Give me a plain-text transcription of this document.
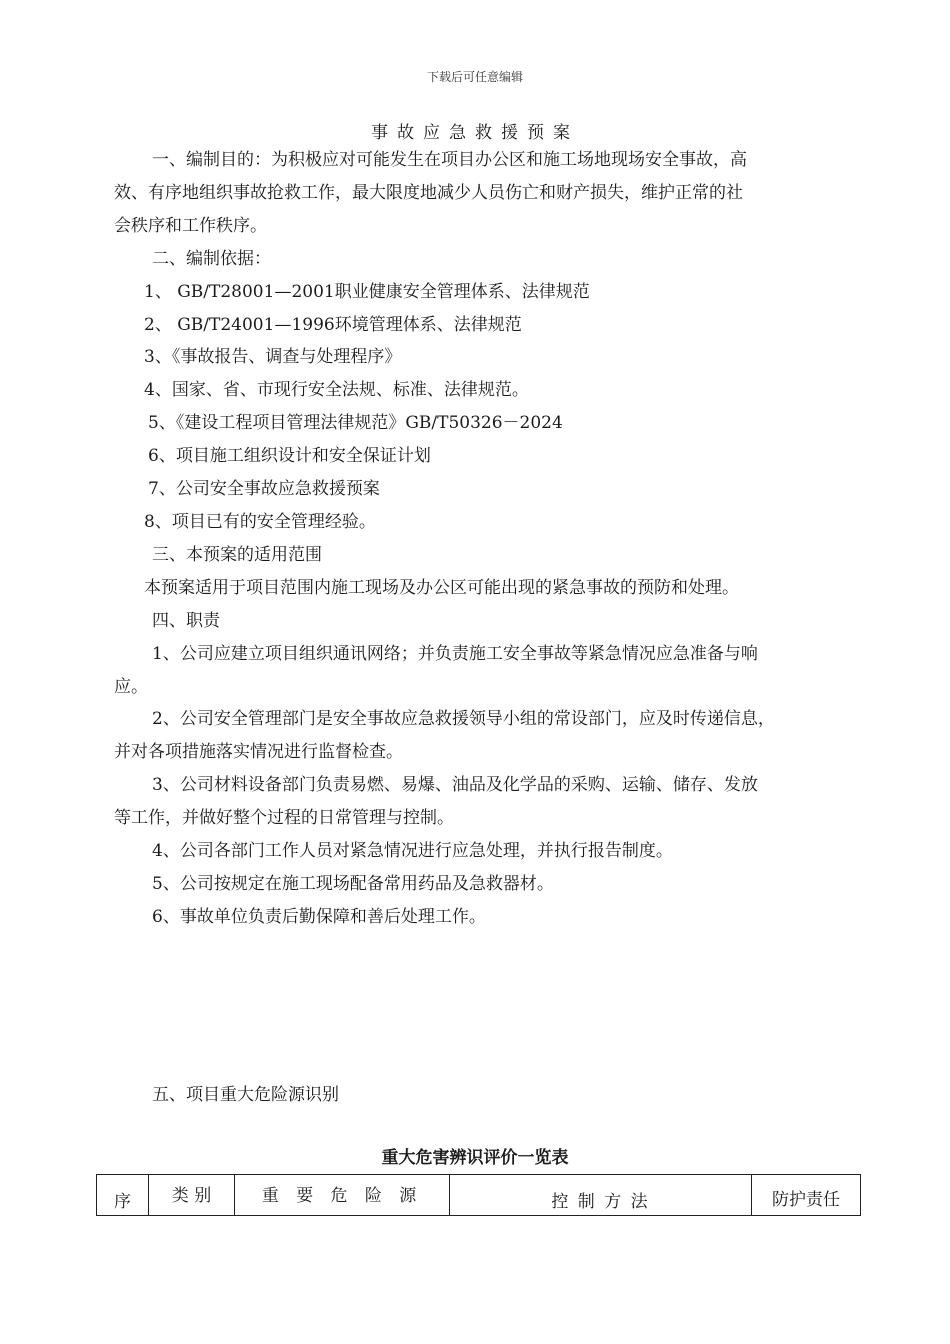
下载后可任意编辑
事故应急救援预案
一、编制目的：为积极应对可能发生在项目办公区和施工场地现场安全事故，高
效、有序地组织事故抢救工作，最大限度地减少人员伤亡和财产损失，维护正常的社
会秩序和工作秩序。
二、编制依据：
1、 GB/T28001—2001职业健康安全管理体系、法律规范
2、 GB/T24001—1996环境管理体系、法律规范
3、《事故报告、调查与处理程序》
4、国家、省、市现行安全法规、标准、法律规范。
5、《建设工程项目管理法律规范》GB/T50326－2024
6、项目施工组织设计和安全保证计划
7、公司安全事故应急救援预案
8、项目已有的安全管理经验。
三、本预案的适用范围
本预案适用于项目范围内施工现场及办公区可能出现的紧急事故的预防和处理。
四、职责
1、公司应建立项目组织通讯网络；并负责施工安全事故等紧急情况应急准备与响
应。
2、公司安全管理部门是安全事故应急救援领导小组的常设部门，应及时传递信息，
并对各项措施落实情况进行监督检查。
3、公司材料设备部门负责易燃、易爆、油品及化学品的采购、运输、储存、发放
等工作，并做好整个过程的日常管理与控制。
4、公司各部门工作人员对紧急情况进行应急处理，并执行报告制度。
5、公司按规定在施工现场配备常用药品及急救器材。
6、事故单位负责后勤保障和善后处理工作。
五、项目重大危险源识别
重大危害辨识评价一览表
序	类 别	重 要 危 险 源	控 制 方 法	防护责任
